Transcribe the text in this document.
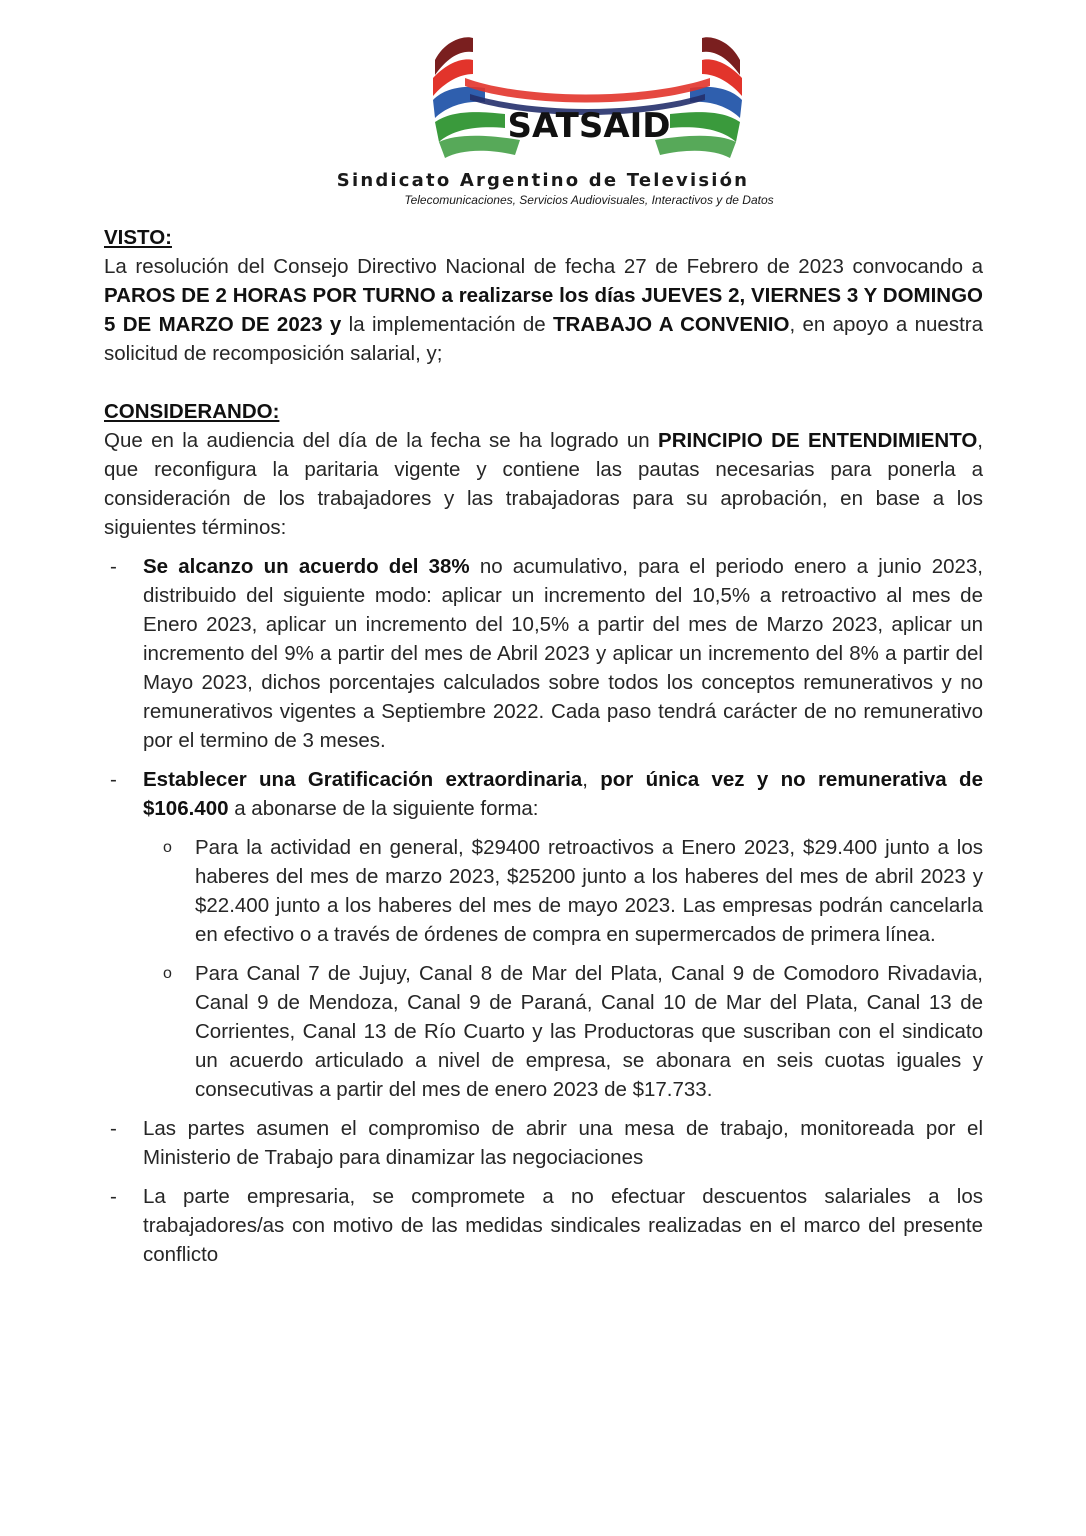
SATSAID
Sindicato Argentino de Televisión
Telecomunicaciones, Servicios Audiovisuales, Interactivos y de Datos

VISTO:

La resolución del Consejo Directivo Nacional de fecha 27 de Febrero de 2023 convocando a PAROS DE 2 HORAS POR TURNO a realizarse los días JUEVES 2, VIERNES 3 Y DOMINGO 5 DE MARZO DE 2023 y la implementación de TRABAJO A CONVENIO, en apoyo a nuestra solicitud de recomposición salarial, y;

CONSIDERANDO:

Que en la audiencia del día de la fecha se ha logrado un PRINCIPIO DE ENTENDIMIENTO, que reconfigura la paritaria vigente y contiene las pautas necesarias para ponerla a consideración de los trabajadores y las trabajadoras para su aprobación, en base a los siguientes términos:

- Se alcanzo un acuerdo del 38% no acumulativo, para el periodo enero a junio 2023, distribuido del siguiente modo: aplicar un incremento del 10,5% a retroactivo al mes de Enero 2023, aplicar un incremento del 10,5% a partir del mes de Marzo 2023, aplicar un incremento del 9% a partir del mes de Abril 2023 y aplicar un incremento del 8% a partir del Mayo 2023, dichos porcentajes calculados sobre todos los conceptos remunerativos y no remunerativos vigentes a Septiembre 2022. Cada paso tendrá carácter de no remunerativo por el termino de 3 meses.
- Establecer una Gratificación extraordinaria, por única vez y no remunerativa de $106.400 a abonarse de la siguiente forma:
o Para la actividad en general, $29400 retroactivos a Enero 2023, $29.400 junto a los haberes del mes de marzo 2023, $25200 junto a los haberes del mes de abril 2023 y $22.400 junto a los haberes del mes de mayo 2023. Las empresas podrán cancelarla en efectivo o a través de órdenes de compra en supermercados de primera línea.
o Para Canal 7 de Jujuy, Canal 8 de Mar del Plata, Canal 9 de Comodoro Rivadavia, Canal 9 de Mendoza, Canal 9 de Paraná, Canal 10 de Mar del Plata, Canal 13 de Corrientes, Canal 13 de Río Cuarto y las Productoras que suscriban con el sindicato un acuerdo articulado a nivel de empresa, se abonara en seis cuotas iguales y consecutivas a partir del mes de enero 2023 de $17.733.
- Las partes asumen el compromiso de abrir una mesa de trabajo, monitoreada por el Ministerio de Trabajo para dinamizar las negociaciones
- La parte empresaria, se compromete a no efectuar descuentos salariales a los trabajadores/as con motivo de las medidas sindicales realizadas en el marco del presente conflicto
